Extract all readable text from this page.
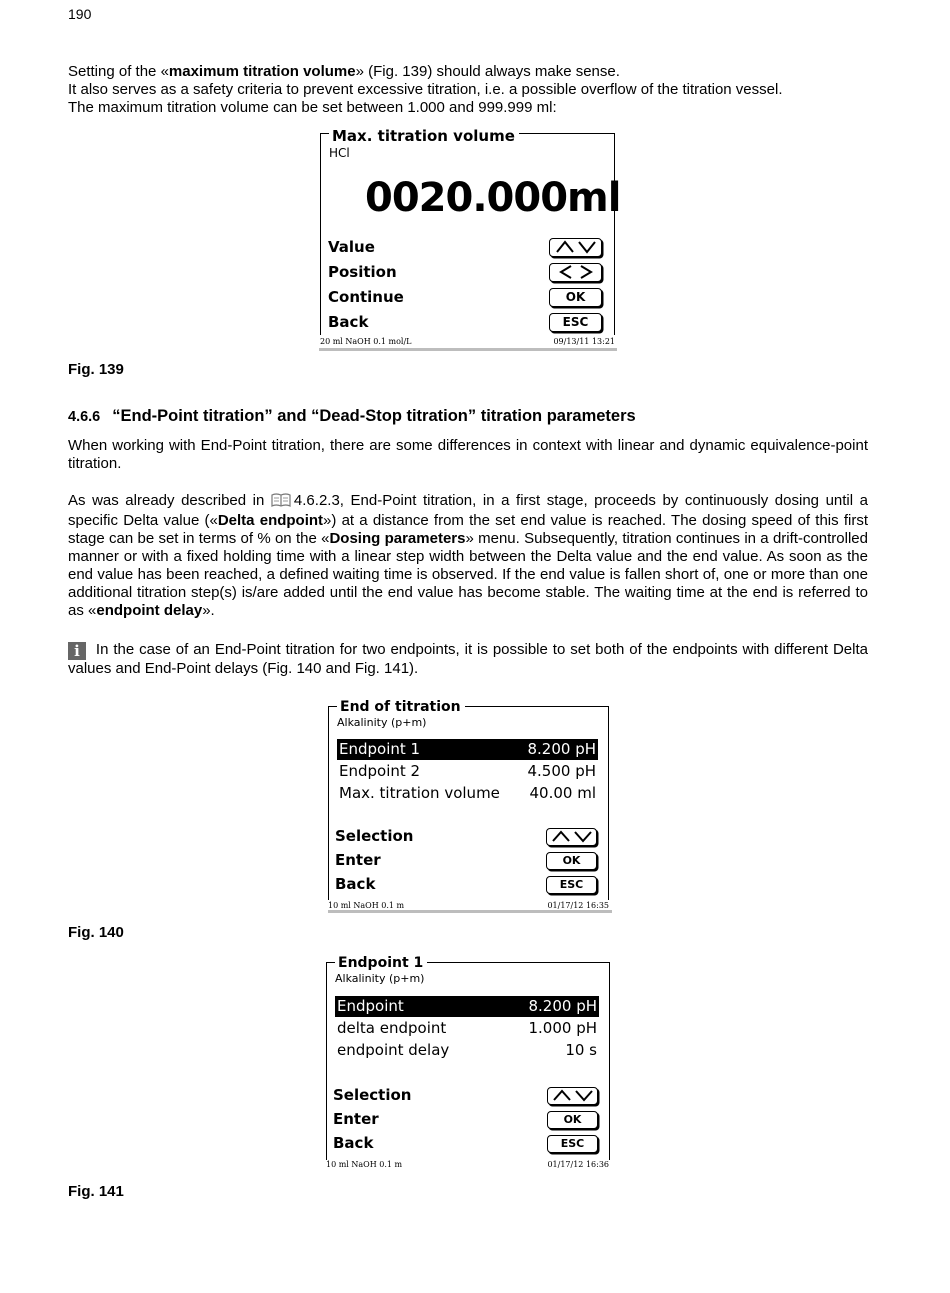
190
Setting of the «maximum titration volume» (Fig. 139) should always make sense.
It also serves as a safety criteria to prevent excessive titration, i.e. a possible overflow of the titration vessel.
The maximum titration volume can be set between 1.000 and 999.999 ml:
Max. titration volume
HCl
0020.000ml
Value
Position
Continue	OK
Back	ESC
20 ml NaOH 0.1 mol/L	09/13/11 13:21
Fig. 139
4.6.6 “End-Point titration” and “Dead-Stop titration” titration parameters
When working with End-Point titration, there are some differences in context with linear and dynamic equivalence-point titration.
As was already described in 4.6.2.3, End-Point titration, in a first stage, proceeds by continuously dosing until a specific Delta value («Delta endpoint») at a distance from the set end value is reached. The dosing speed of this first stage can be set in terms of % on the «Dosing parameters» menu. Subsequently, titration continues in a drift-controlled manner or with a fixed holding time with a linear step width between the Delta value and the end value. As soon as the end value has been reached, a defined waiting time is observed. If the end value is fallen short of, one or more than one additional titration step(s) is/are added until the end value has become stable. The waiting time at the end is referred to as «endpoint delay».
i In the case of an End-Point titration for two endpoints, it is possible to set both of the endpoints with different Delta values and End-Point delays (Fig. 140 and Fig. 141).
End of titration
Alkalinity (p+m)
Endpoint 1	8.200 pH
Endpoint 2	4.500 pH
Max. titration volume 40.00 ml
Selection
Enter	OK
Back	ESC
10 ml NaOH 0.1 m	01/17/12 16:35
Fig. 140
Endpoint 1
Alkalinity (p+m)
Endpoint	8.200 pH
delta endpoint	1.000 pH
endpoint delay	10 s
Selection
Enter	OK
Back	ESC
10 ml NaOH 0.1 m	01/17/12 16:36
Fig. 141
